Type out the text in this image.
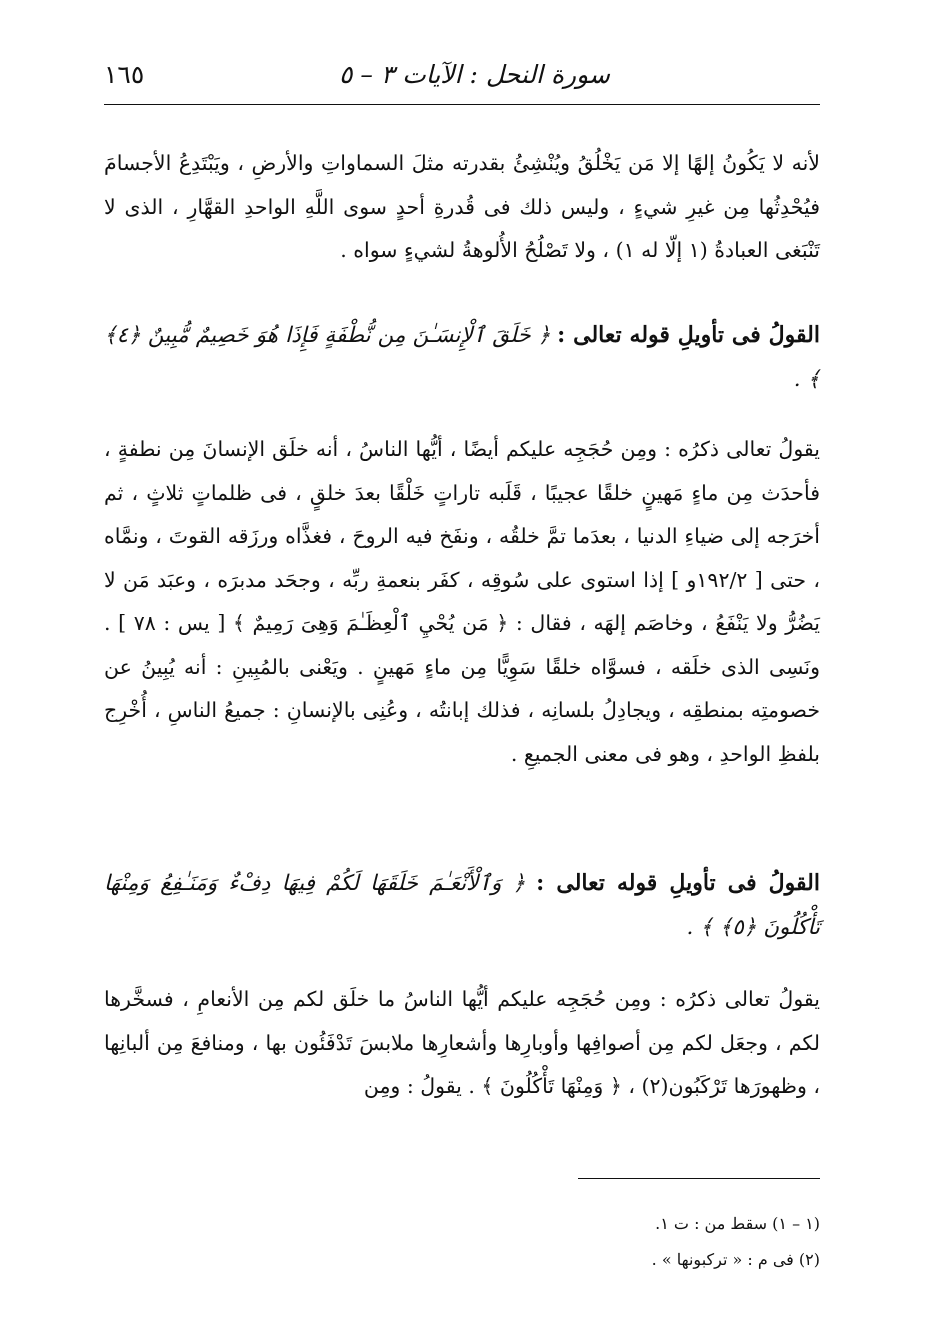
سورة النحل : الآيات ٣ – ٥
١٦٥
لأنه لا يَكُونُ إلهًا إلا مَن يَخْلُقُ ويُنْشِئُ بقدرته مثلَ السماواتِ والأرضِ ، ويَبْتَدِعُ الأجسامَ فيُحْدِثُها مِن غيرِ شيءٍ ، وليس ذلك فى قُدرةِ أحدٍ سوى اللَّهِ الواحدِ القهَّارِ ، الذى لا تَنْبَغى العبادةُ (١ إلّا له ١) ، ولا تَصْلُحُ الأُلوهةُ لشيءٍ سواه .
القولُ فى تأويلِ قوله تعالى : ﴿ خَلَقَ ٱلْإِنسَـٰنَ مِن نُّطْفَةٍ فَإِذَا هُوَ خَصِيمٌ مُّبِينٌ ﴿٤﴾ ﴾ .
يقولُ تعالى ذكرُه : ومِن حُجَجِه عليكم أيضًا ، أيُّها الناسُ ، أنه خلَق الإنسانَ مِن نطفةٍ ، فأحدَث مِن ماءٍ مَهينٍ خلقًا عجيبًا ، قَلَبه تاراتٍ خَلْقًا بعدَ خلقٍ ، فى ظلماتٍ ثلاثٍ ، ثم أخرَجه إلى ضياءِ الدنيا ، بعدَما تمَّ خلقُه ، ونفَخ فيه الروحَ ، فغذَّاه ورزَقه القوتَ ، ونمَّاه ، حتى [ ١٩٢/٢و ] إذا استوى على سُوقِه ، كفَر بنعمةِ ربِّه ، وجحَد مدبرَه ، وعبَد مَن لا يَضُرُّ ولا يَنْفَعُ ، وخاصَم إلهَه ، فقال : ﴿ مَن يُحْيِ ٱلْعِظَـٰمَ وَهِىَ رَمِيمٌ ﴾ [ يس : ٧٨ ] . ونَسِى الذى خلَقه ، فسوَّاه خلقًا سَوِيًّا مِن ماءٍ مَهينٍ . ويَعْنى بالمُبِينِ : أنه يُبِينُ عن خصومتِه بمنطقِه ، ويجادِلُ بلسانِه ، فذلك إبانتُه ، وعُنِى بالإنسانِ : جميعُ الناسِ ، أُخْرِج بلفظِ الواحدِ ، وهو فى معنى الجميعِ .
القولُ فى تأويلِ قوله تعالى : ﴿ وَٱلْأَنْعَـٰمَ خَلَقَهَا لَكُمْ فِيهَا دِفْءٌ وَمَنَـٰفِعُ وَمِنْهَا تَأْكُلُونَ ﴿٥﴾ ﴾ .
يقولُ تعالى ذكرُه : ومِن حُجَجِه عليكم أيُّها الناسُ ما خلَق لكم مِن الأنعامِ ، فسخَّرها لكم ، وجعَل لكم مِن أصوافِها وأوبارِها وأشعارِها ملابسَ تَدْفَئُون بها ، ومنافعَ مِن ألبانِها ، وظهورَها تَرْكَبُون(٢) ، ﴿ وَمِنْهَا تَأْكُلُونَ ﴾ . يقولُ : ومِن
(١ – ١) سقط من : ت ١.
(٢) فى م : « تركبونها » .
